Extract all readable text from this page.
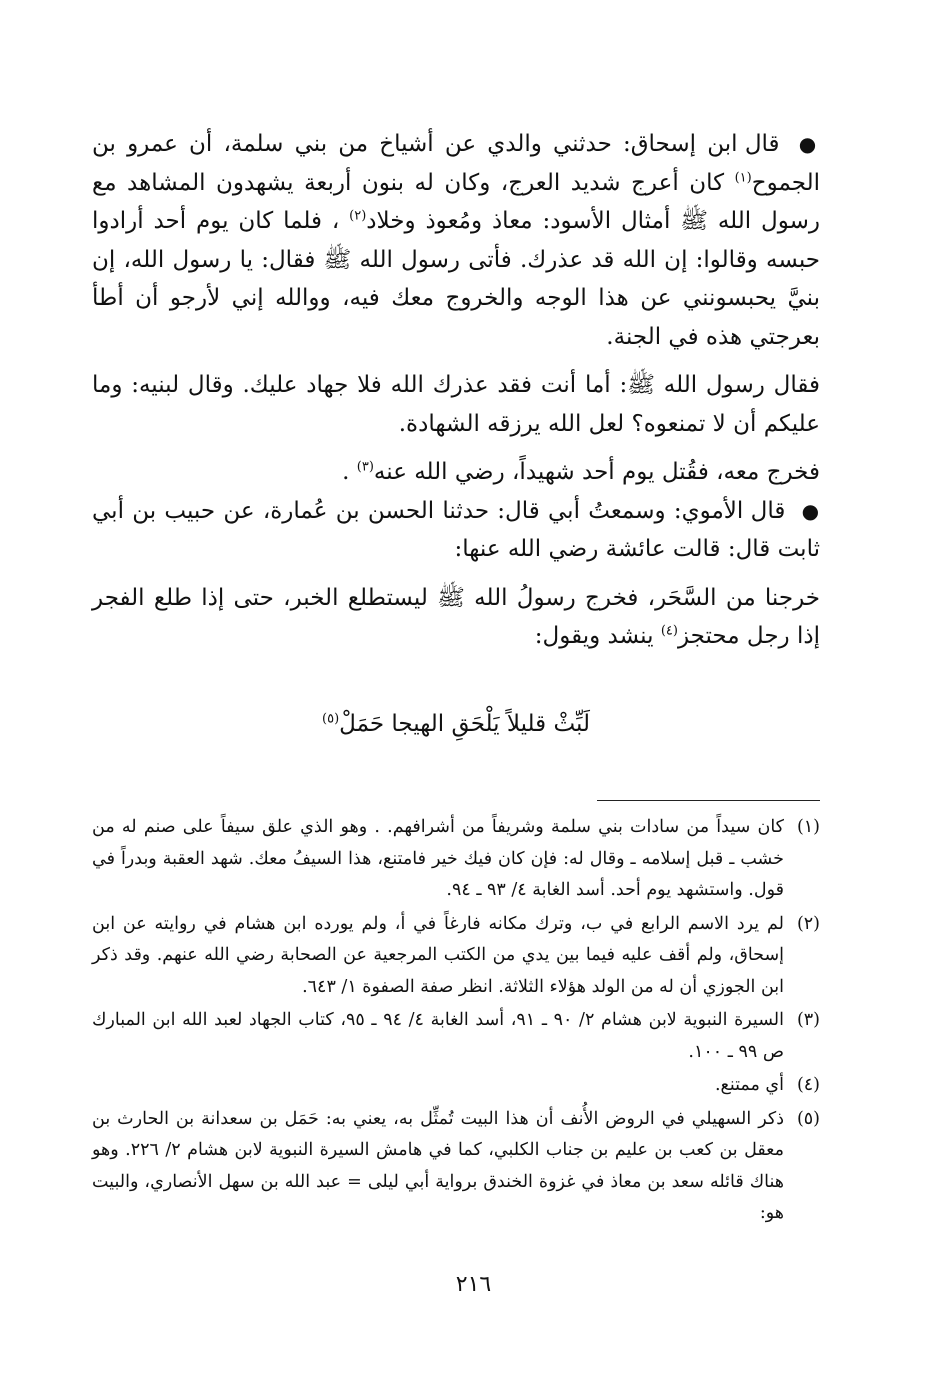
● قال ابن إسحاق: حدثني والدي عن أشياخ من بني سلمة، أن عمرو بن الجموح$^{(١)}$ كان أعرج شديد العرج، وكان له بنون أربعة يشهدون المشاهد مع رسول الله ﷺ أمثال الأسود: معاذ ومُعوذ وخلاد$^{(٢)}$ ، فلما كان يوم أحد أرادوا حبسه وقالوا: إن الله قد عذرك. فأتى رسول الله ﷺ فقال: يا رسول الله، إن بنيَّ يحبسونني عن هذا الوجه والخروج معك فيه، ووالله إني لأرجو أن أطأ بعرجتي هذه في الجنة.

فقال رسول الله ﷺ: أما أنت فقد عذرك الله فلا جهاد عليك. وقال لبنيه: وما عليكم أن لا تمنعوه؟ لعل الله يرزقه الشهادة.

فخرج معه، فقُتل يوم أحد شهيداً، رضي الله عنه$^{(٣)}$ .

● قال الأموي: وسمعتُ أبي قال: حدثنا الحسن بن عُمارة، عن حبيب بن أبي ثابت قال: قالت عائشة رضي الله عنها:

خرجنا من السَّحَر، فخرج رسولُ الله ﷺ ليستطلع الخبر، حتى إذا طلع الفجر إذا رجل محتجز$^{(٤)}$ ينشد ويقول:

لَبِّثْ قليلاً يَلْحَقِ الهيجا حَمَلْ$^{(٥)}$
(١)
كان سيداً من سادات بني سلمة وشريفاً من أشرافهم. . وهو الذي علق سيفاً على صنم له من خشب ـ قبل إسلامه ـ وقال له: فإن كان فيك خير فامتنع، هذا السيفُ معك. شهد العقبة وبدراً في قول. واستشهد يوم أحد. أسد الغابة ٤/ ٩٣ ـ ٩٤.
(٢)
لم يرد الاسم الرابع في ب، وترك مكانه فارغاً في أ، ولم يورده ابن هشام في روايته عن ابن إسحاق، ولم أقف عليه فيما بين يدي من الكتب المرجعية عن الصحابة رضي الله عنهم. وقد ذكر ابن الجوزي أن له من الولد هؤلاء الثلاثة. انظر صفة الصفوة ١/ ٦٤٣.
(٣)
السيرة النبوية لابن هشام ٢/ ٩٠ ـ ٩١، أسد الغابة ٤/ ٩٤ ـ ٩٥، كتاب الجهاد لعبد الله ابن المبارك ص ٩٩ ـ ١٠٠.
(٤)
أي ممتنع.
(٥)
ذكر السهيلي في الروض الأُنف أن هذا البيت تُمثِّل به، يعني به: حَمَل بن سعدانة بن الحارث بن معقل بن كعب بن عليم بن جناب الكلبي، كما في هامش السيرة النبوية لابن هشام ٢/ ٢٢٦. وهو هناك قائله سعد بن معاذ في غزوة الخندق برواية أبي ليلى = عبد الله بن سهل الأنصاري، والبيت هو:
٢١٦
